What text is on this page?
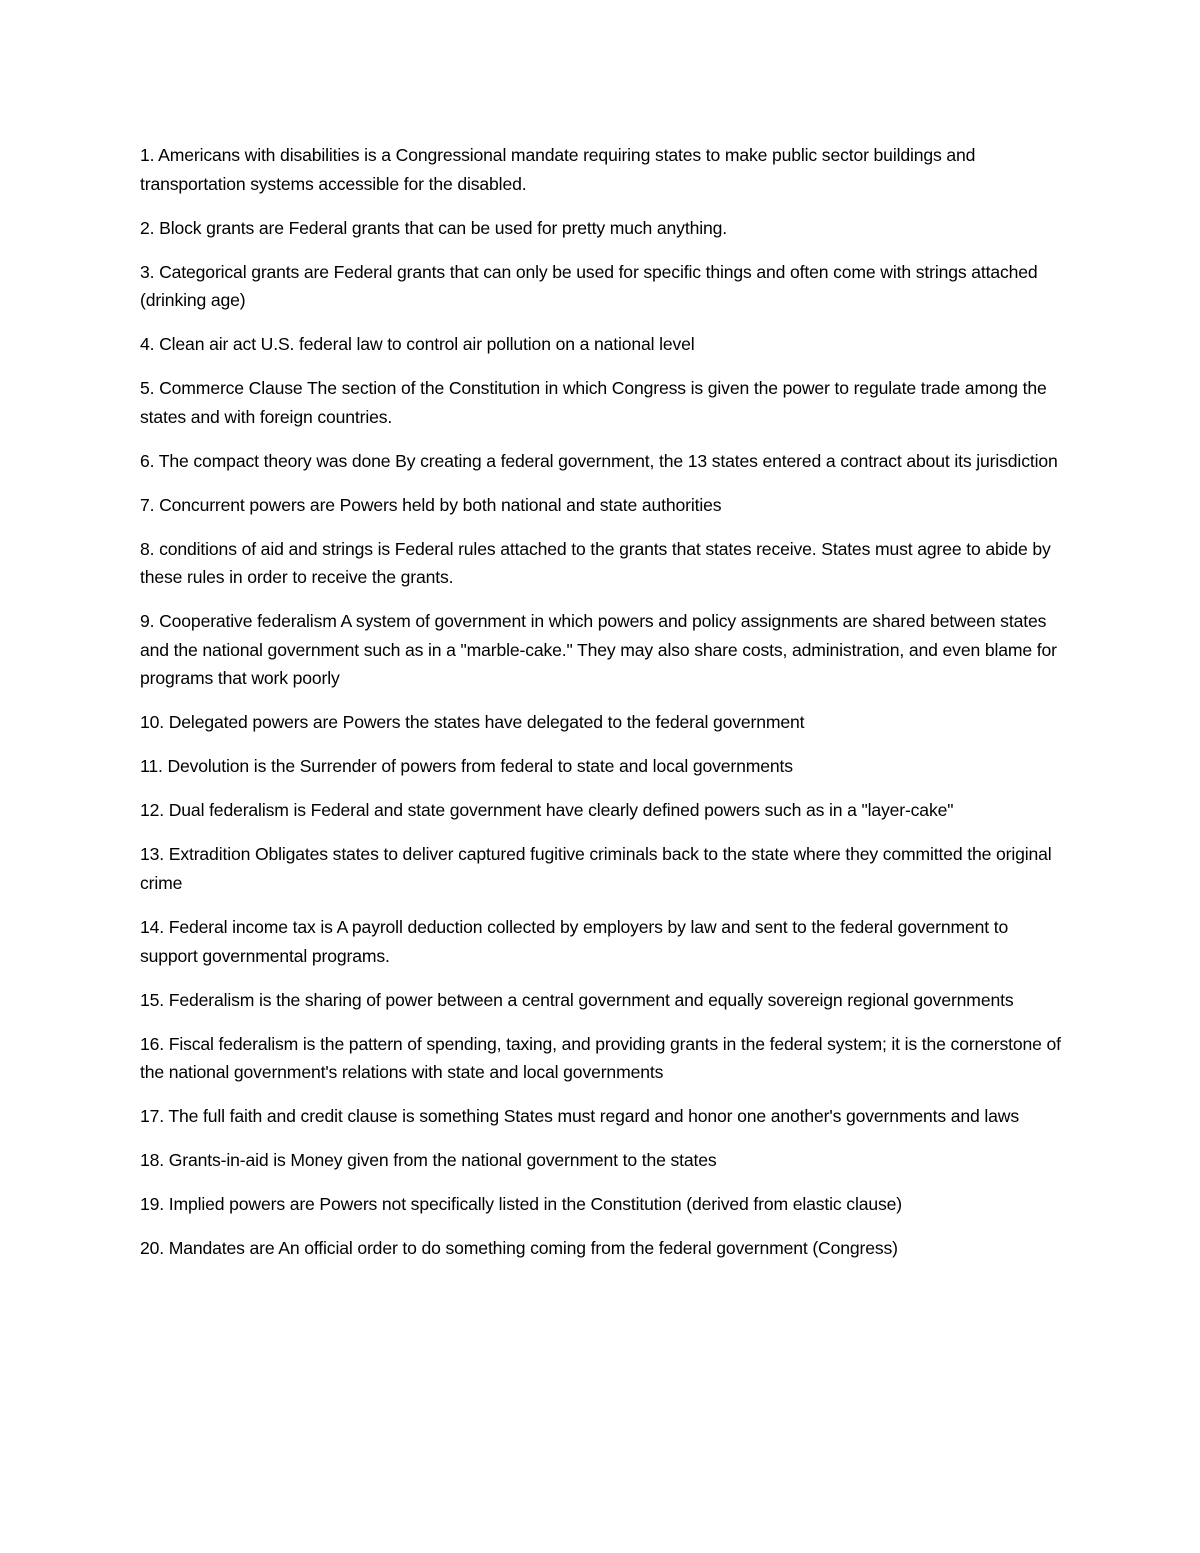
1. Americans with disabilities is a Congressional mandate requiring states to make public sector buildings and transportation systems accessible for the disabled.

2. Block grants are Federal grants that can be used for pretty much anything.

3. Categorical grants are Federal grants that can only be used for specific things and often come with strings attached (drinking age)

4. Clean air act U.S. federal law to control air pollution on a national level

5. Commerce Clause The section of the Constitution in which Congress is given the power to regulate trade among the states and with foreign countries.

6. The compact theory was done By creating a federal government, the 13 states entered a contract about its jurisdiction

7. Concurrent powers are Powers held by both national and state authorities

8. conditions of aid and strings is Federal rules attached to the grants that states receive. States must agree to abide by these rules in order to receive the grants.

9. Cooperative federalism A system of government in which powers and policy assignments are shared between states and the national government such as in a "marble-cake." They may also share costs, administration, and even blame for programs that work poorly

10. Delegated powers are Powers the states have delegated to the federal government

11. Devolution is the Surrender of powers from federal to state and local governments

12. Dual federalism is Federal and state government have clearly defined powers such as in a "layer-cake"

13. Extradition Obligates states to deliver captured fugitive criminals back to the state where they committed the original crime

14. Federal income tax is A payroll deduction collected by employers by law and sent to the federal government to support governmental programs.

15. Federalism is the sharing of power between a central government and equally sovereign regional governments

16. Fiscal federalism is the pattern of spending, taxing, and providing grants in the federal system; it is the cornerstone of the national government's relations with state and local governments

17. The full faith and credit clause is something States must regard and honor one another's governments and laws

18. Grants-in-aid is Money given from the national government to the states

19. Implied powers are Powers not specifically listed in the Constitution (derived from elastic clause)

20. Mandates are An official order to do something coming from the federal government (Congress)
